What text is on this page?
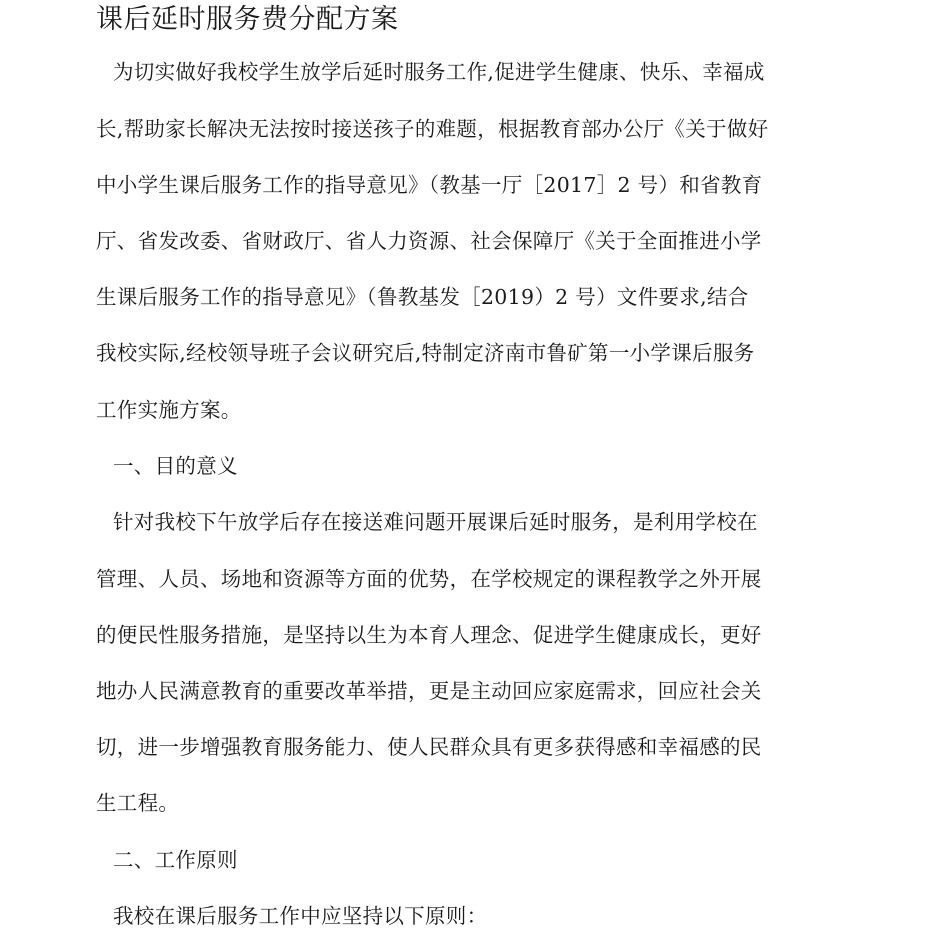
课后延时服务费分配方案
为切实做好我校学生放学后延时服务工作,促进学生健康、快乐、幸福成
长,帮助家长解决无法按时接送孩子的难题，根据教育部办公厅《关于做好
中小学生课后服务工作的指导意见》（教基一厅［2017］2 号）和省教育
厅、省发改委、省财政厅、省人力资源、社会保障厅《关于全面推进小学
生课后服务工作的指导意见》（鲁教基发［2019）2 号）文件要求,结合
我校实际,经校领导班子会议研究后,特制定济南市鲁矿第一小学课后服务
工作实施方案。
一、目的意义
针对我校下午放学后存在接送难问题开展课后延时服务，是利用学校在
管理、人员、场地和资源等方面的优势，在学校规定的课程教学之外开展
的便民性服务措施，是坚持以生为本育人理念、促进学生健康成长，更好
地办人民满意教育的重要改革举措，更是主动回应家庭需求，回应社会关
切，进一步增强教育服务能力、使人民群众具有更多获得感和幸福感的民
生工程。
二、工作原则
我校在课后服务工作中应坚持以下原则：
